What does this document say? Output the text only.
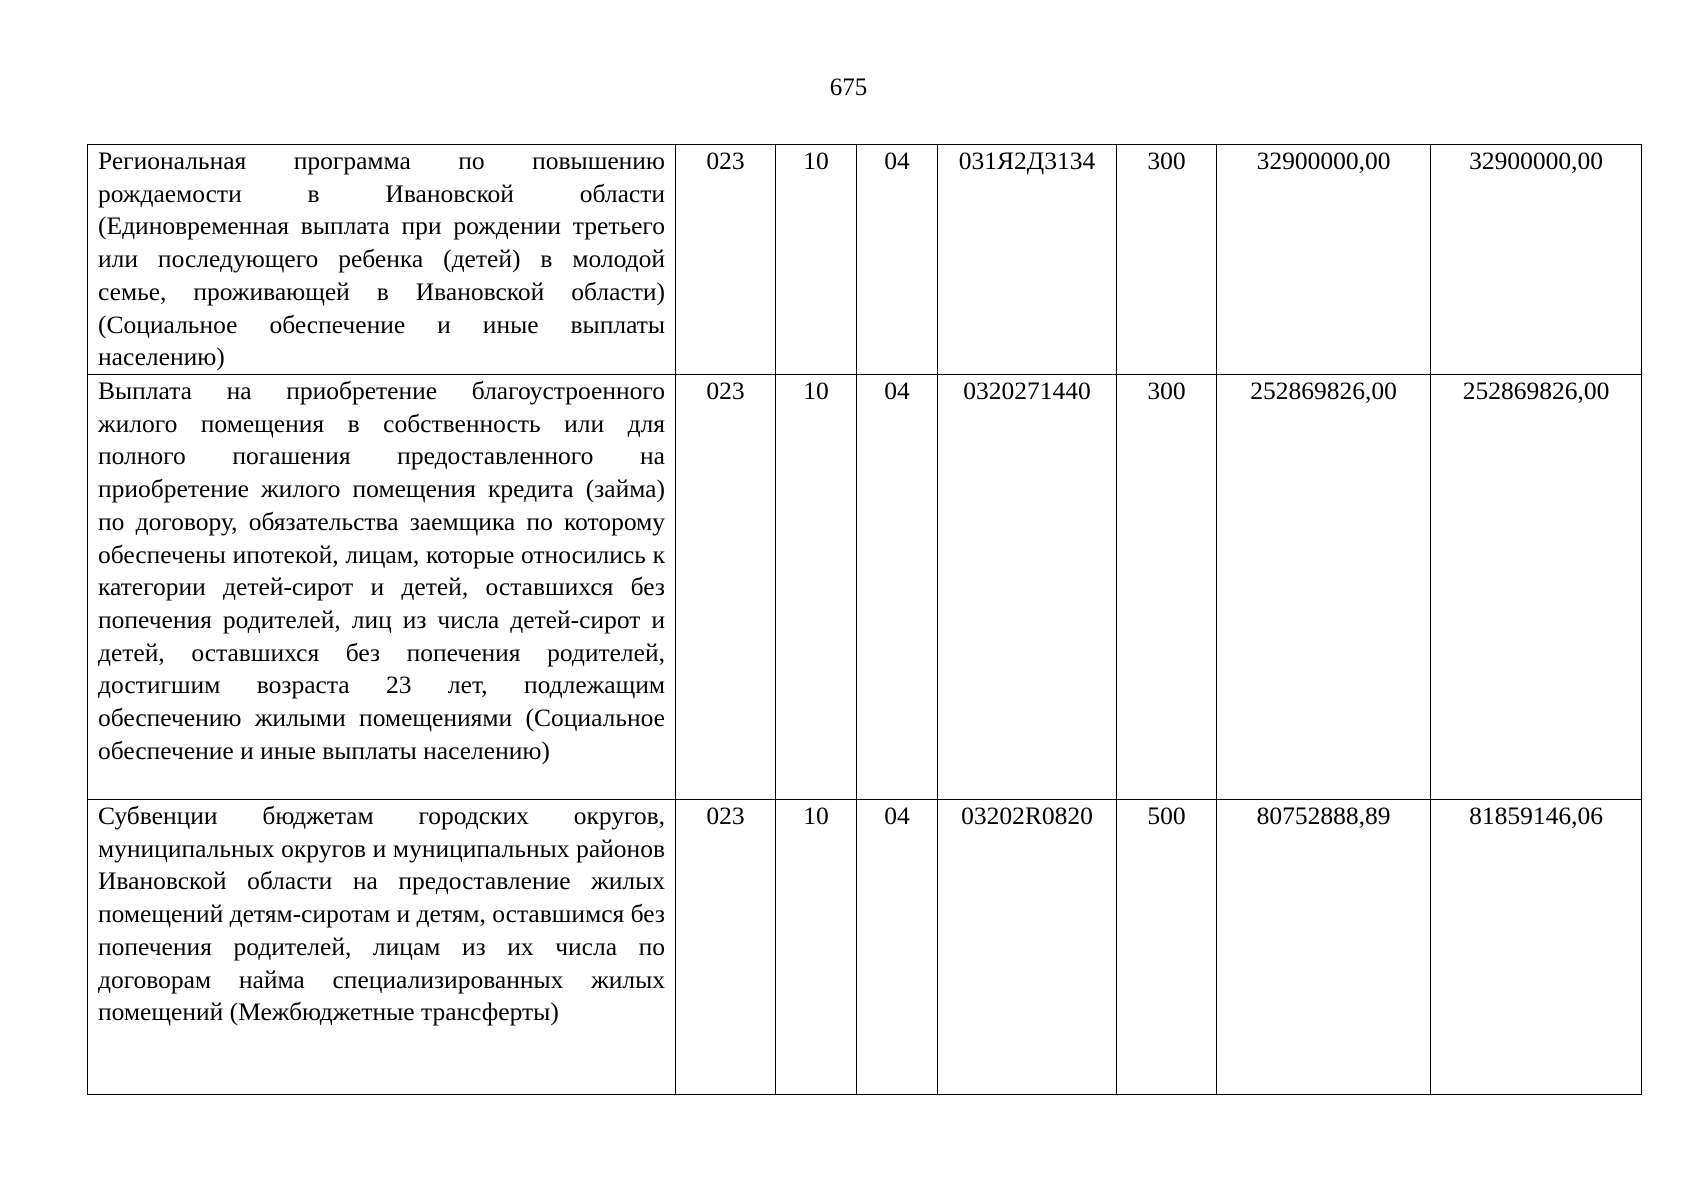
675
Региональная программа по повышению рождаемости в Ивановской области (Единовременная выплата при рождении третьего или последующего ребенка (детей) в молодой семье, проживающей в Ивановской области) (Социальное обеспечение и иные выплаты населению)	023	10	04	031Я2Д3134	300	32900000,00	32900000,00
Выплата на приобретение благоустроенного жилого помещения в собственность или для полного погашения предоставленного на приобретение жилого помещения кредита (займа) по договору, обязательства заемщика по которому обеспечены ипотекой, лицам, которые относились к категории детей-сирот и детей, оставшихся без попечения родителей, лиц из числа детей-сирот и детей, оставшихся без попечения родителей, достигшим возраста 23 лет, подлежащим обеспечению жилыми помещениями (Социальное обеспечение и иные выплаты населению)	023	10	04	0320271440	300	252869826,00	252869826,00
Субвенции бюджетам городских округов, муниципальных округов и муниципальных районов Ивановской области на предоставление жилых помещений детям-сиротам и детям, оставшимся без попечения родителей, лицам из их числа по договорам найма специализированных жилых помещений (Межбюджетные трансферты)	023	10	04	03202R0820	500	80752888,89	81859146,06
